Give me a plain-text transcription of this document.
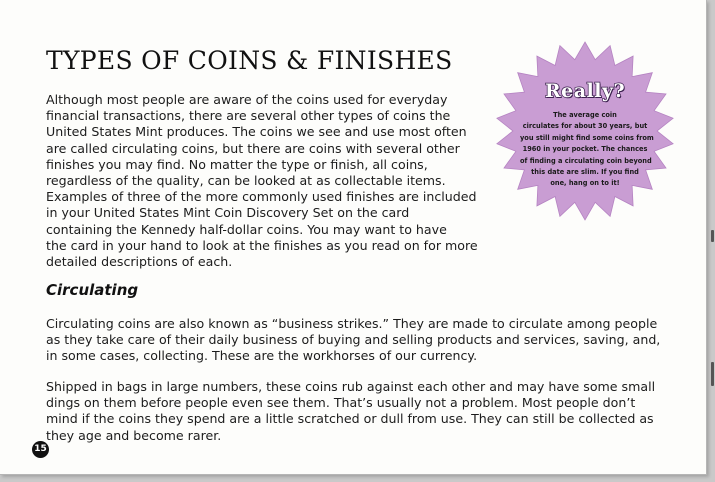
TYPES OF COINS & FINISHES

Although most people are aware of the coins used for everyday
financial transactions, there are several other types of coins the
United States Mint produces. The coins we see and use most often
are called circulating coins, but there are coins with several other
finishes you may find. No matter the type or finish, all coins,
regardless of the quality, can be looked at as collectable items.
Examples of three of the more commonly used finishes are included
in your United States Mint Coin Discovery Set on the card
containing the Kennedy half-dollar coins. You may want to have
the card in your hand to look at the finishes as you read on for more
detailed descriptions of each.

Circulating

Circulating coins are also known as “business strikes.” They are made to circulate among people
as they take care of their daily business of buying and selling products and services, saving, and,
in some cases, collecting. These are the workhorses of our currency.

Shipped in bags in large numbers, these coins rub against each other and may have some small
dings on them before people even see them. That’s usually not a problem. Most people don’t
mind if the coins they spend are a little scratched or dull from use. They can still be collected as
they age and become rarer.

Really?
The average coin
circulates for about 30 years, but
you still might find some coins from
1960 in your pocket. The chances
of finding a circulating coin beyond
this date are slim. If you find
one, hang on to it!
15
